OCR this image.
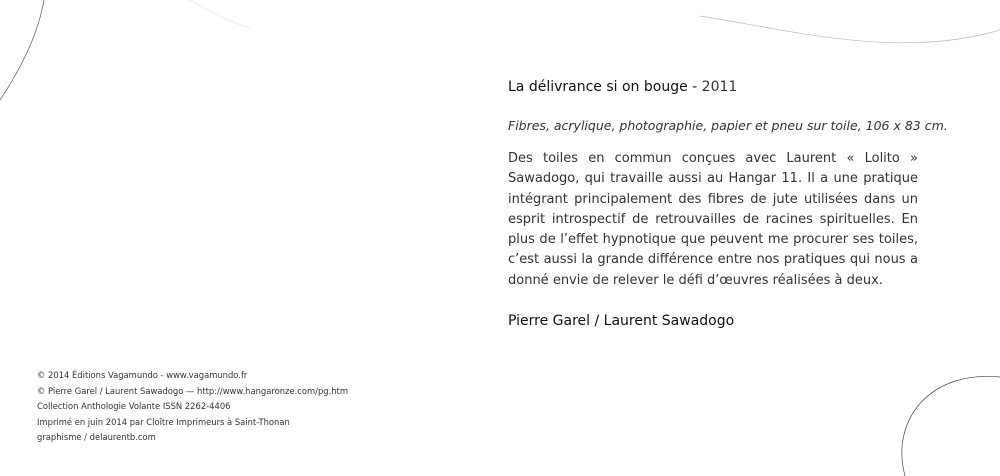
La délivrance si on bouge - 2011
Fibres, acrylique, photographie, papier et pneu sur toile, 106 x 83 cm.
Des toiles en commun conçues avec Laurent « Lolito » Sawadogo, qui travaille aussi au Hangar 11. Il a une pratique intégrant principalement des fibres de jute utilisées dans un esprit introspectif de retrouvailles de racines spirituelles. En plus de l’effet hypnotique que peuvent me procurer ses toiles, c’est aussi la grande différence entre nos pratiques qui nous a donné envie de relever le défi d’œuvres réalisées à deux.
Pierre Garel / Laurent Sawadogo
© 2014 Éditions Vagamundo - www.vagamundo.fr
© Pierre Garel / Laurent Sawadogo — http://www.hangaronze.com/pg.htm
Collection Anthologie Volante ISSN 2262-4406
Imprimé en juin 2014 par Cloître Imprimeurs à Saint-Thonan
graphisme / delaurentb.com
